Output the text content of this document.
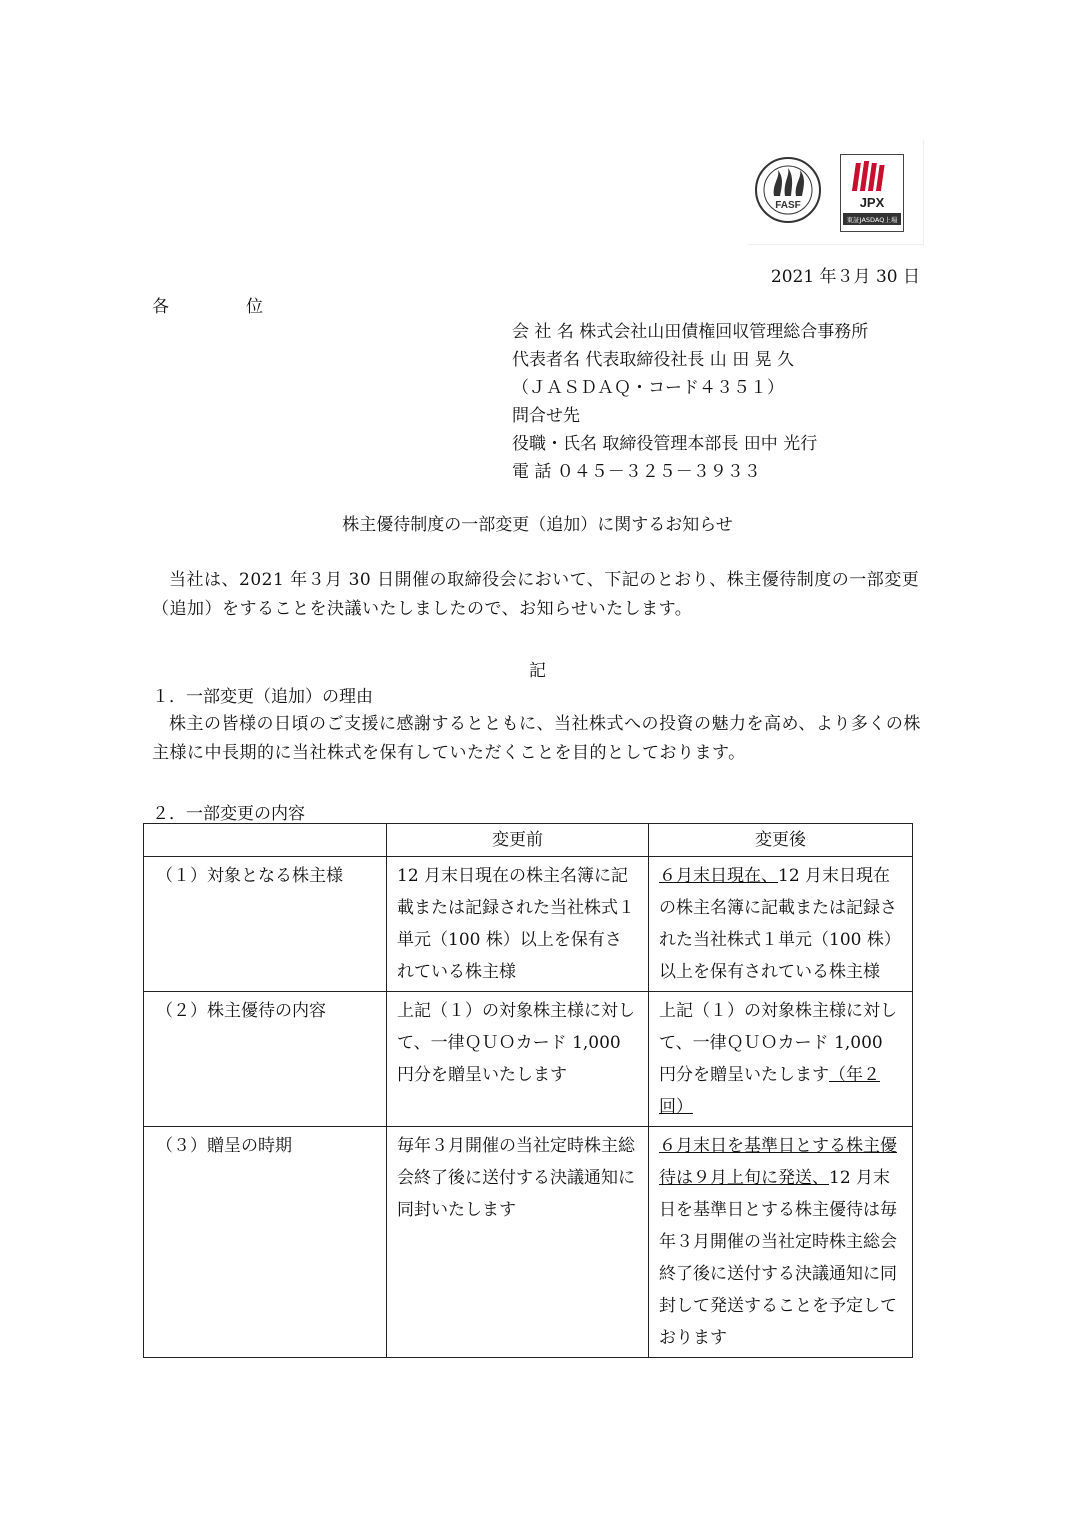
FASF	JPX
東証JASDAQ上場
2021 年３月 30 日
各　位
会 社 名 株式会社山田債権回収管理総合事務所
代表者名 代表取締役社長 山 田 晃 久
（ＪＡＳＤＡＱ・コード４３５１）
問合せ先
役職・氏名 取締役管理本部長 田中 光行
電 話 ０４５－３２５－３９３３
株主優待制度の一部変更（追加）に関するお知らせ
当社は、2021 年３月 30 日開催の取締役会において、下記のとおり、株主優待制度の一部変更（追加）をすることを決議いたしましたので、お知らせいたします。
記
１．一部変更（追加）の理由
株主の皆様の日頃のご支援に感謝するとともに、当社株式への投資の魅力を高め、より多くの株主様に中長期的に当社株式を保有していただくことを目的としております。
２．一部変更の内容
	変更前	変更後
（１）対象となる株主様	12 月末日現在の株主名簿に記載または記録された当社株式１単元（100 株）以上を保有されている株主様	６月末日現在、12 月末日現在の株主名簿に記載または記録された当社株式１単元（100 株）以上を保有されている株主様
（２）株主優待の内容	上記（１）の対象株主様に対して、一律ＱＵＯカード 1,000 円分を贈呈いたします	上記（１）の対象株主様に対して、一律ＱＵＯカード 1,000 円分を贈呈いたします（年２回）
（３）贈呈の時期	毎年３月開催の当社定時株主総会終了後に送付する決議通知に同封いたします	６月末日を基準日とする株主優待は９月上旬に発送、12 月末日を基準日とする株主優待は毎年３月開催の当社定時株主総会終了後に送付する決議通知に同封して発送することを予定しております
